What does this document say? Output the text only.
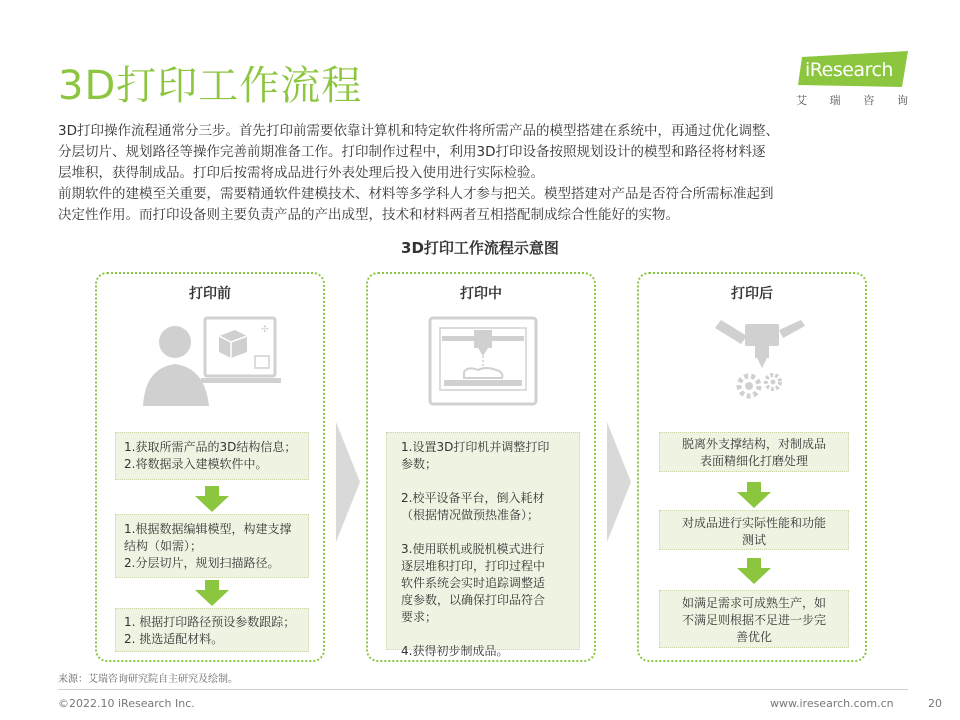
3D打印工作流程	iResearch
艾 瑞 咨 询

3D打印操作流程通常分三步。首先打印前需要依靠计算机和特定软件将所需产品的模型搭建在系统中，再通过优化调整、

分层切片、规划路径等操作完善前期准备工作。打印制作过程中，利用3D打印设备按照规划设计的模型和路径将材料逐

层堆积，获得制成品。打印后按需将成品进行外表处理后投入使用进行实际检验。

前期软件的建模至关重要，需要精通软件建模技术、材料等多学科人才参与把关。模型搭建对产品是否符合所需标准起到

决定性作用。而打印设备则主要负责产品的产出成型，技术和材料两者互相搭配制成综合性能好的实物。

3D打印工作流程示意图
打印前
✣
1.获取所需产品的3D结构信息；
2.将数据录入建模软件中。
1.根据数据编辑模型，构建支撑
结构（如需）；
2.分层切片，规划扫描路径。
1. 根据打印路径预设参数跟踪；
2. 挑选适配材料。
打印中
1.设置3D打印机并调整打印
参数；
2.校平设备平台，倒入耗材
（根据情况做预热准备）；
3.使用联机或脱机模式进行
逐层堆积打印，打印过程中
软件系统会实时追踪调整适
度参数，以确保打印品符合
要求；
4.获得初步制成品。
打印后
脱离外支撑结构，对制成品
表面精细化打磨处理
对成品进行实际性能和功能
测试
如满足需求可成熟生产，如
不满足则根据不足进一步完
善优化
来源：艾瑞咨询研究院自主研究及绘制。
©2022.10 iResearch Inc.	www.iresearch.com.cn	20
